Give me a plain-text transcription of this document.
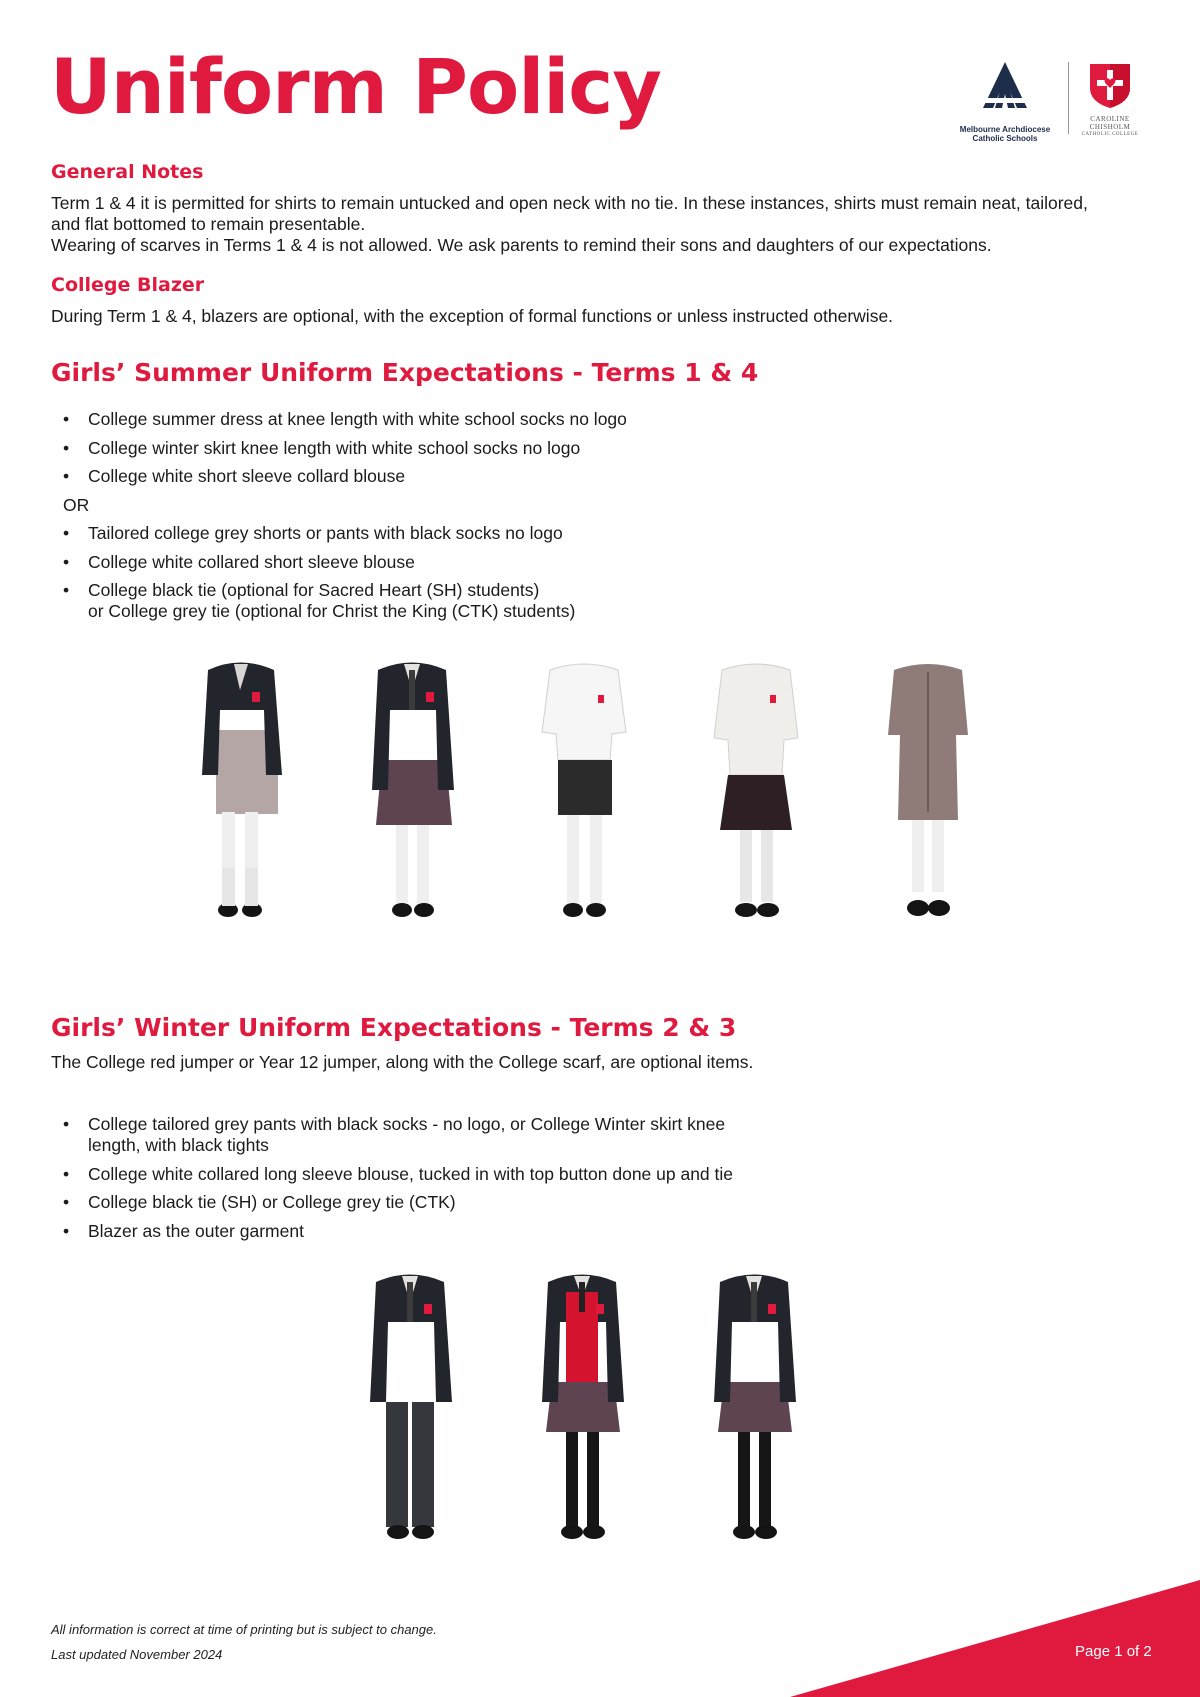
Uniform Policy	Melbourne Archdiocese
Catholic Schools
CAROLINE
CHISHOLM
CATHOLIC COLLEGE
General Notes

Term 1 & 4 it is permitted for shirts to remain untucked and open neck with no tie. In these instances, shirts must remain neat, tailored,

and flat bottomed to remain presentable.

Wearing of scarves in Terms 1 & 4 is not allowed. We ask parents to remind their sons and daughters of our expectations.

College Blazer

During Term 1 & 4, blazers are optional, with the exception of formal functions or unless instructed otherwise.

Girls’ Summer Uniform Expectations - Terms 1 & 4
• College summer dress at knee length with white school socks no logo
• College winter skirt knee length with white school socks no logo
• College white short sleeve collard blouse
OR
• Tailored college grey shorts or pants with black socks no logo
• College white collared short sleeve blouse
• College black tie (optional for Sacred Heart (SH) students)
or College grey tie (optional for Christ the King (CTK) students)
Girls’ Winter Uniform Expectations - Terms 2 & 3

The College red jumper or Year 12 jumper, along with the College scarf, are optional items.

• College tailored grey pants with black socks - no logo, or College Winter skirt knee
length, with black tights
• College white collared long sleeve blouse, tucked in with top button done up and tie
• College black tie (SH) or College grey tie (CTK)
• Blazer as the outer garment
All information is correct at time of printing but is subject to change.
Last updated November 2024	Page 1 of 2
